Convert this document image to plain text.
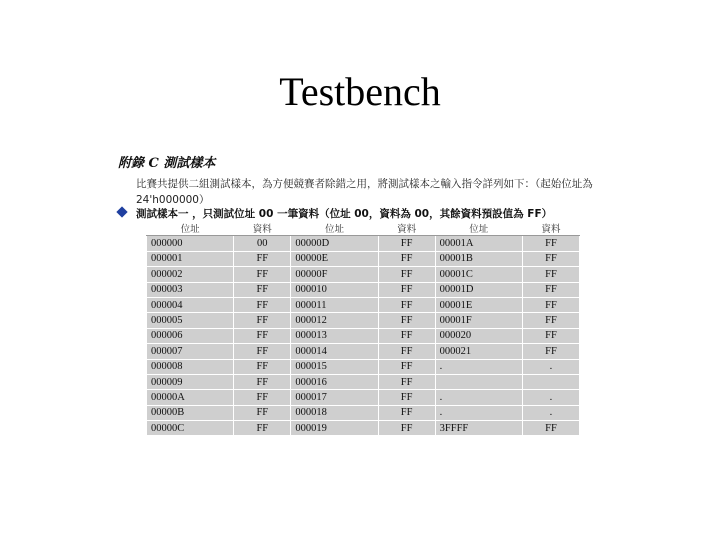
Testbench
附錄 C 測試樣本
比賽共提供二組測試樣本，為方便競賽者除錯之用，將測試樣本之輸入指令詳列如下：（起始位址為 24'h000000）
測試樣本一 ，只測試位址 00 一筆資料（位址 00，資料為 00，其餘資料預設值為 FF）
位址	資料	位址	資料	位址	資料
000000	00	00000D	FF	00001A	FF
000001	FF	00000E	FF	00001B	FF
000002	FF	00000F	FF	00001C	FF
000003	FF	000010	FF	00001D	FF
000004	FF	000011	FF	00001E	FF
000005	FF	000012	FF	00001F	FF
000006	FF	000013	FF	000020	FF
000007	FF	000014	FF	000021	FF
000008	FF	000015	FF	.	.
000009	FF	000016	FF		
00000A	FF	000017	FF	.	.
00000B	FF	000018	FF	.	.
00000C	FF	000019	FF	3FFFF	FF
